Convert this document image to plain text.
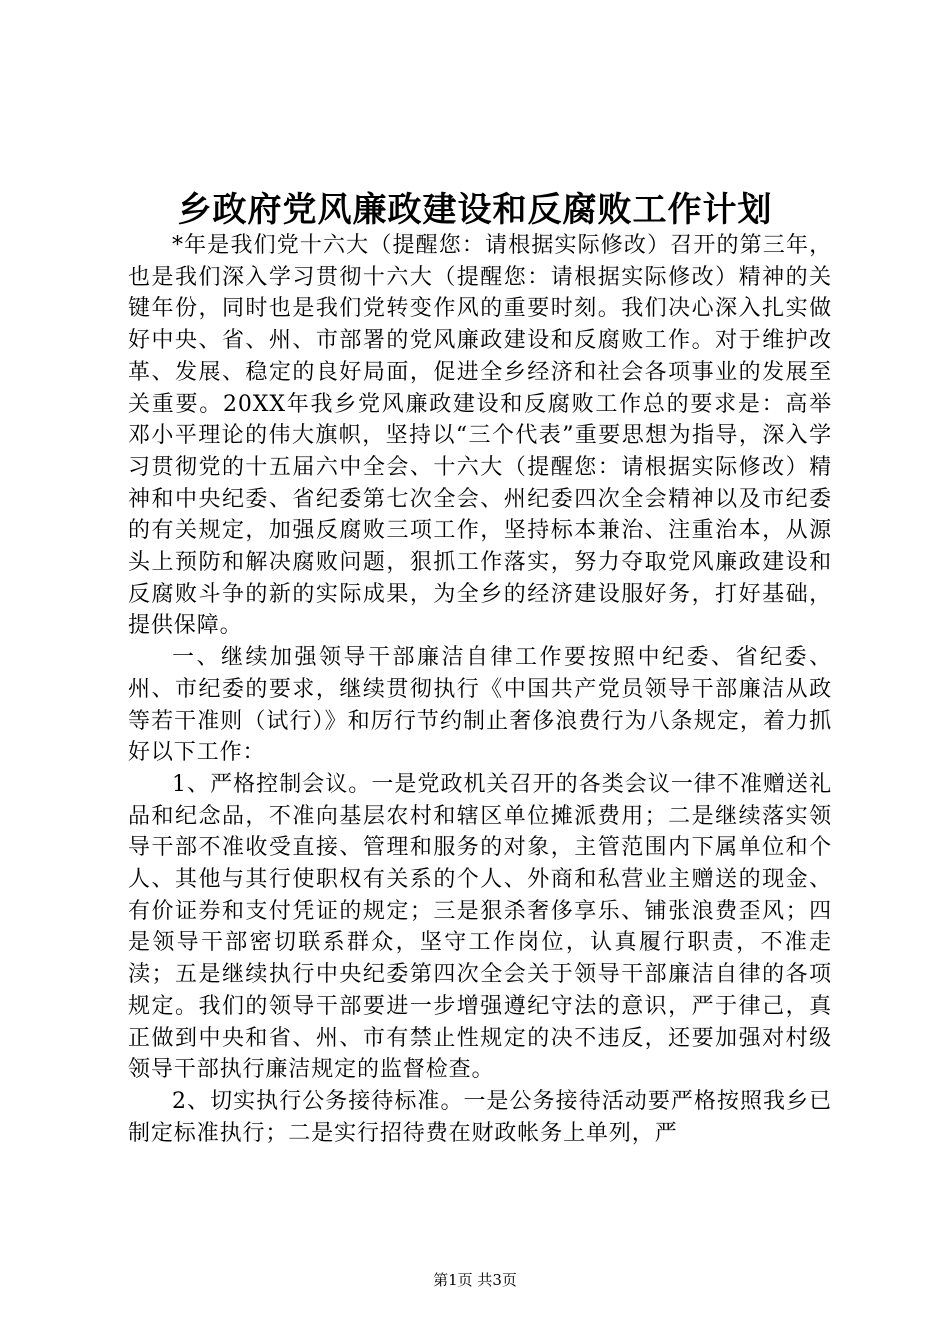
乡政府党风廉政建设和反腐败工作计划

*年是我们党十六大（提醒您：请根据实际修改）召开的第三年，也是我们深入学习贯彻十六大（提醒您：请根据实际修改）精神的关键年份，同时也是我们党转变作风的重要时刻。我们决心深入扎实做好中央、省、州、市部署的党风廉政建设和反腐败工作。对于维护改革、发展、稳定的良好局面，促进全乡经济和社会各项事业的发展至关重要。20XX年我乡党风廉政建设和反腐败工作总的要求是：高举邓小平理论的伟大旗帜，坚持以“三个代表”重要思想为指导，深入学习贯彻党的十五届六中全会、十六大（提醒您：请根据实际修改）精神和中央纪委、省纪委第七次全会、州纪委四次全会精神以及市纪委的有关规定，加强反腐败三项工作，坚持标本兼治、注重治本，从源头上预防和解决腐败问题，狠抓工作落实，努力夺取党风廉政建设和反腐败斗争的新的实际成果，为全乡的经济建设服好务，打好基础，提供保障。

一、继续加强领导干部廉洁自律工作要按照中纪委、省纪委、州、市纪委的要求，继续贯彻执行《中国共产党员领导干部廉洁从政等若干准则（试行）》和厉行节约制止奢侈浪费行为八条规定，着力抓好以下工作：

1、严格控制会议。一是党政机关召开的各类会议一律不准赠送礼品和纪念品，不准向基层农村和辖区单位摊派费用；二是继续落实领导干部不准收受直接、管理和服务的对象，主管范围内下属单位和个人、其他与其行使职权有关系的个人、外商和私营业主赠送的现金、有价证券和支付凭证的规定；三是狠杀奢侈享乐、铺张浪费歪风；四是领导干部密切联系群众，坚守工作岗位，认真履行职责，不准走渎；五是继续执行中央纪委第四次全会关于领导干部廉洁自律的各项规定。我们的领导干部要进一步增强遵纪守法的意识，严于律己，真正做到中央和省、州、市有禁止性规定的决不违反，还要加强对村级领导干部执行廉洁规定的监督检查。

2、切实执行公务接待标准。一是公务接待活动要严格按照我乡已制定标准执行；二是实行招待费在财政帐务上单列，严

第1页 共3页
